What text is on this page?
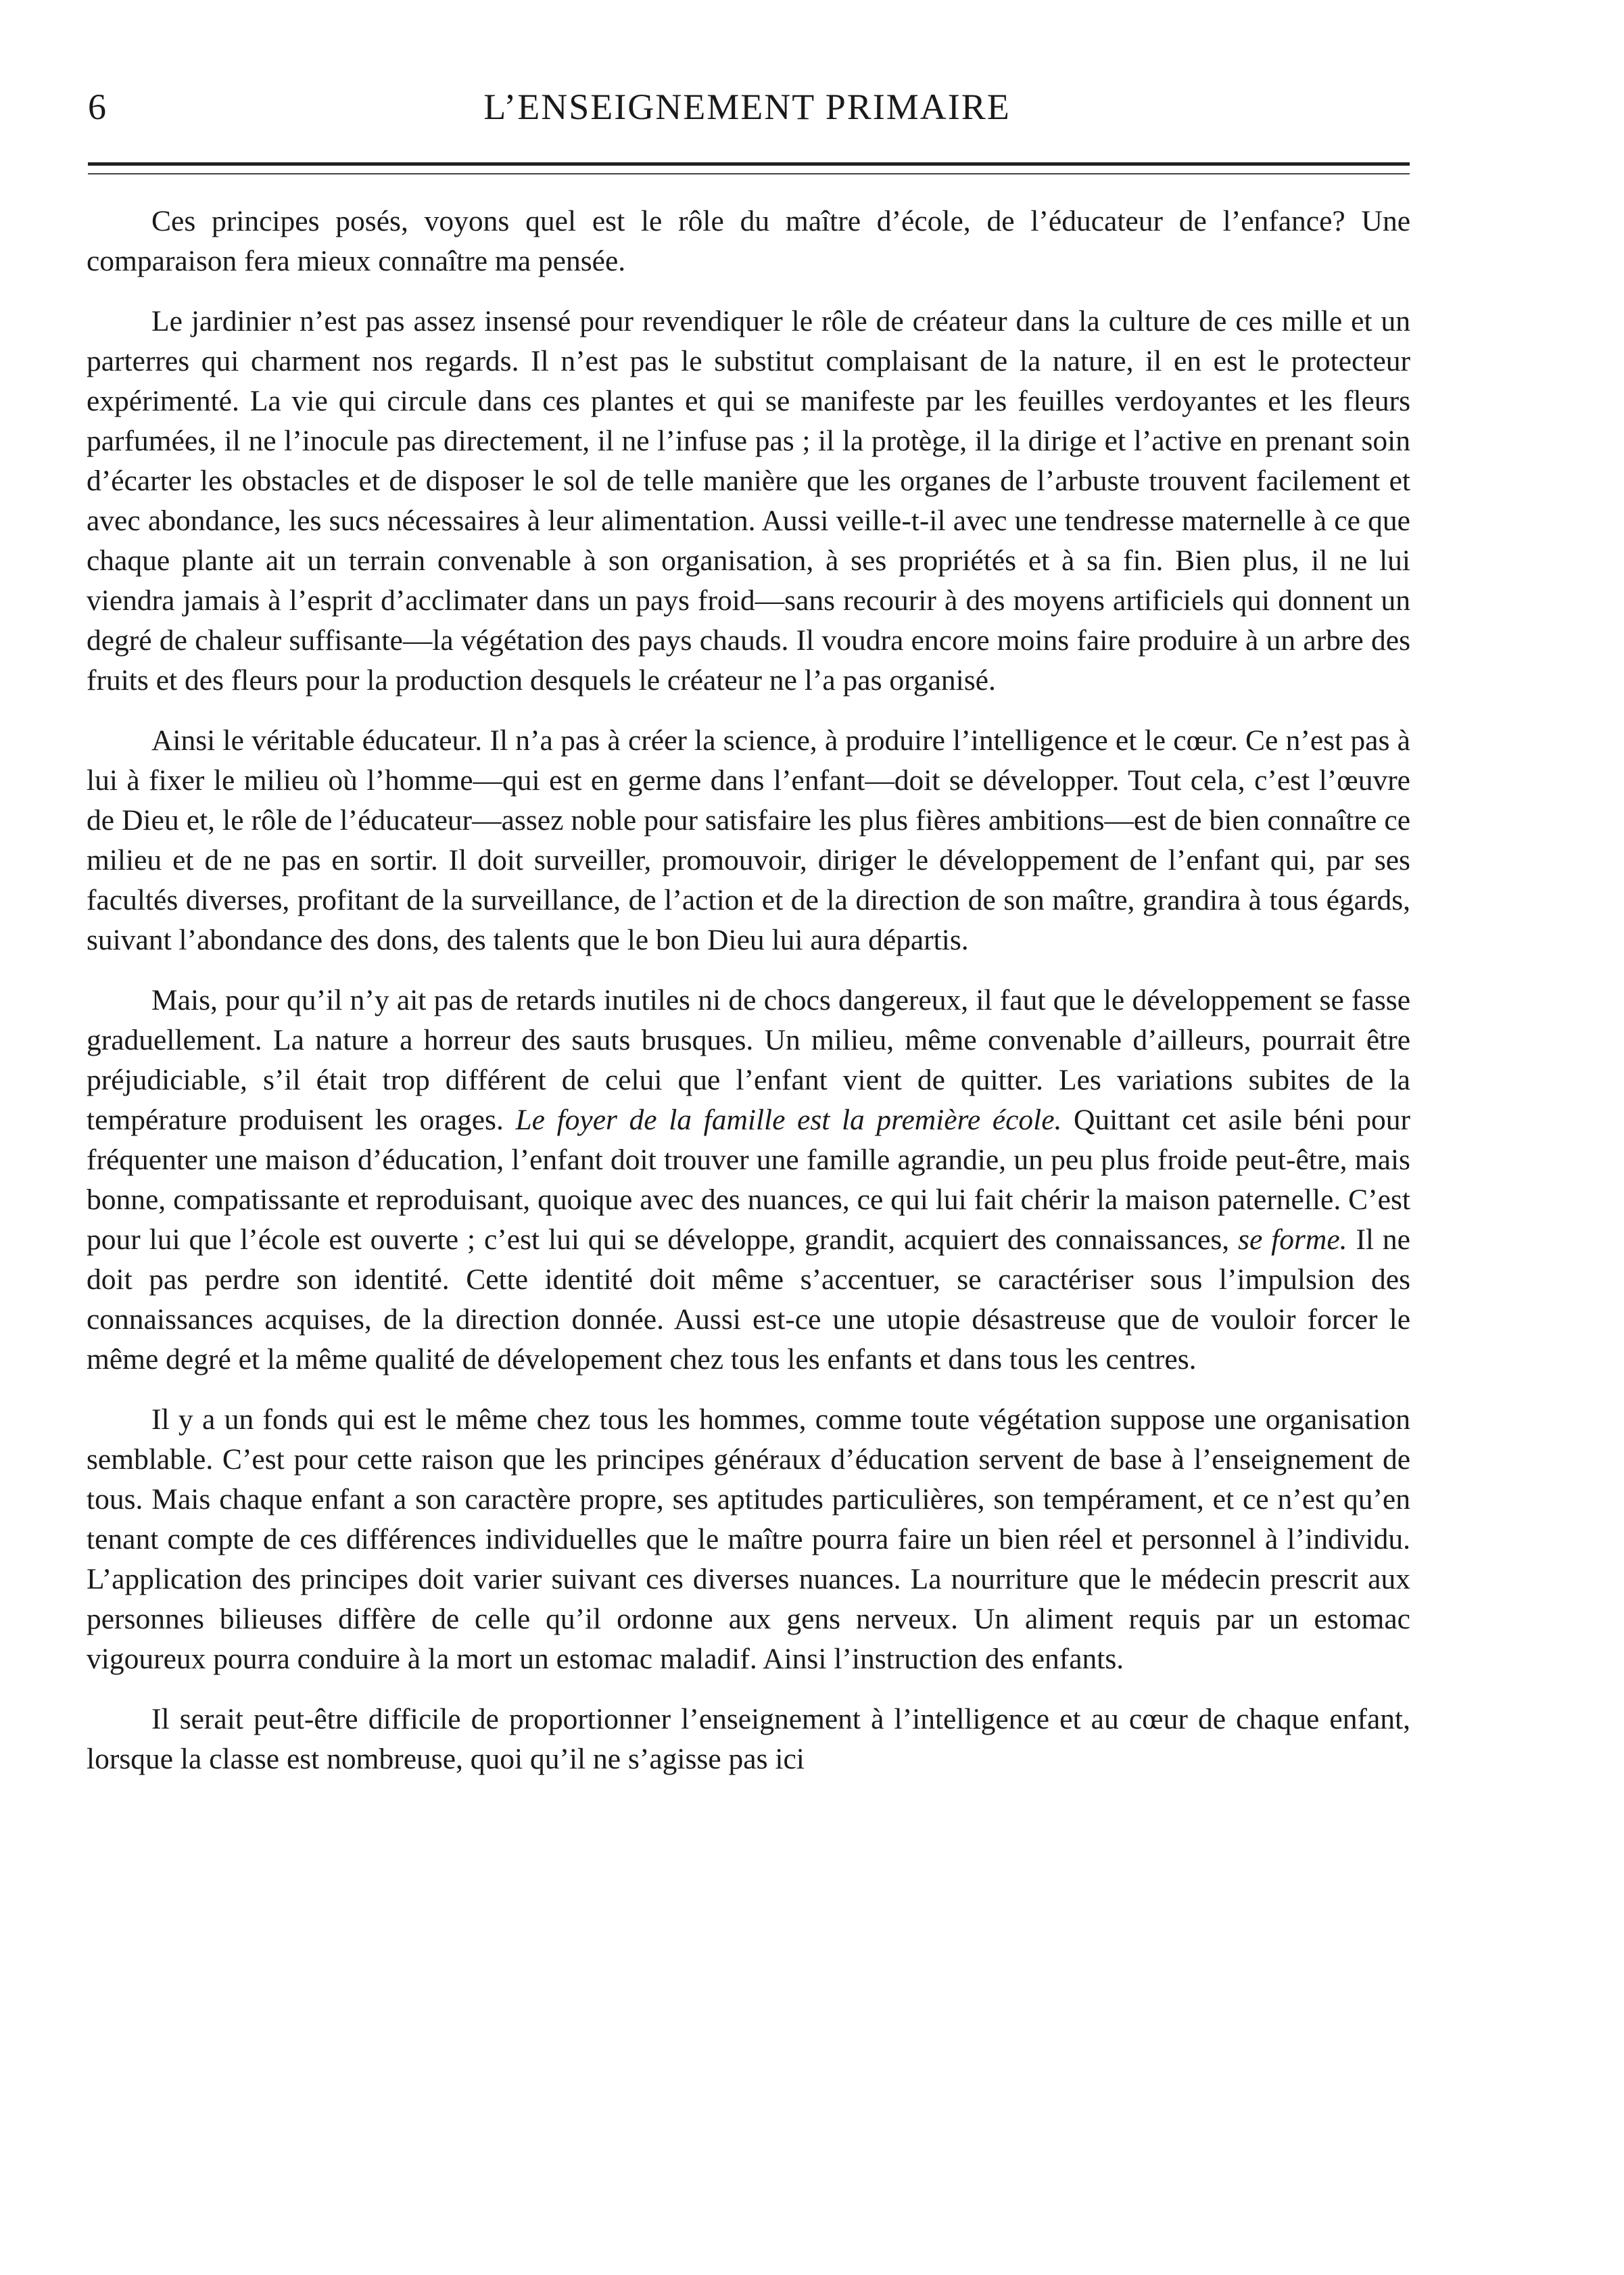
6	L’ENSEIGNEMENT PRIMAIRE

Ces principes posés, voyons quel est le rôle du maître d’école, de l’éducateur de l’enfance? Une comparaison fera mieux connaître ma pensée.

Le jardinier n’est pas assez insensé pour revendiquer le rôle de créateur dans la culture de ces mille et un parterres qui charment nos regards. Il n’est pas le substitut complaisant de la nature, il en est le protecteur expérimenté. La vie qui circule dans ces plantes et qui se manifeste par les feuilles verdoyantes et les fleurs parfumées, il ne l’inocule pas directement, il ne l’infuse pas ; il la protège, il la dirige et l’active en prenant soin d’écarter les obstacles et de disposer le sol de telle manière que les organes de l’arbuste trouvent facilement et avec abondance, les sucs nécessaires à leur alimentation. Aussi veille-t-il avec une tendresse maternelle à ce que chaque plante ait un terrain convenable à son organisation, à ses propriétés et à sa fin. Bien plus, il ne lui viendra jamais à l’esprit d’acclimater dans un pays froid—sans recourir à des moyens artificiels qui donnent un degré de chaleur suffisante—la végétation des pays chauds. Il voudra encore moins faire produire à un arbre des fruits et des fleurs pour la production desquels le créateur ne l’a pas organisé.

Ainsi le véritable éducateur. Il n’a pas à créer la science, à produire l’intelligence et le cœur. Ce n’est pas à lui à fixer le milieu où l’homme—qui est en germe dans l’enfant—doit se développer. Tout cela, c’est l’œuvre de Dieu et, le rôle de l’éducateur—assez noble pour satisfaire les plus fières ambitions—est de bien connaître ce milieu et de ne pas en sortir. Il doit surveiller, promouvoir, diriger le développement de l’enfant qui, par ses facultés diverses, profitant de la surveillance, de l’action et de la direction de son maître, grandira à tous égards, suivant l’abondance des dons, des talents que le bon Dieu lui aura départis.

Mais, pour qu’il n’y ait pas de retards inutiles ni de chocs dangereux, il faut que le développement se fasse graduellement. La nature a horreur des sauts brusques. Un milieu, même convenable d’ailleurs, pourrait être préjudiciable, s’il était trop différent de celui que l’enfant vient de quitter. Les variations subites de la température produisent les orages. Le foyer de la famille est la première école. Quittant cet asile béni pour fréquenter une maison d’éducation, l’enfant doit trouver une famille agrandie, un peu plus froide peut-être, mais bonne, compatissante et reproduisant, quoique avec des nuances, ce qui lui fait chérir la maison paternelle. C’est pour lui que l’école est ouverte ; c’est lui qui se développe, grandit, acquiert des connaissances, se forme. Il ne doit pas perdre son identité. Cette identité doit même s’accentuer, se caractériser sous l’impulsion des connaissances acquises, de la direction donnée. Aussi est-ce une utopie désastreuse que de vouloir forcer le même degré et la même qualité de dévelopement chez tous les enfants et dans tous les centres.

Il y a un fonds qui est le même chez tous les hommes, comme toute végétation suppose une organisation semblable. C’est pour cette raison que les principes généraux d’éducation servent de base à l’enseignement de tous. Mais chaque enfant a son caractère propre, ses aptitudes particulières, son tempérament, et ce n’est qu’en tenant compte de ces différences individuelles que le maître pourra faire un bien réel et personnel à l’individu. L’application des principes doit varier suivant ces diverses nuances. La nourriture que le médecin prescrit aux personnes bilieuses diffère de celle qu’il ordonne aux gens nerveux. Un aliment requis par un estomac vigoureux pourra conduire à la mort un estomac maladif. Ainsi l’instruction des enfants.

Il serait peut-être difficile de proportionner l’enseignement à l’intelligence et au cœur de chaque enfant, lorsque la classe est nombreuse, quoi qu’il ne s’agisse pas ici
